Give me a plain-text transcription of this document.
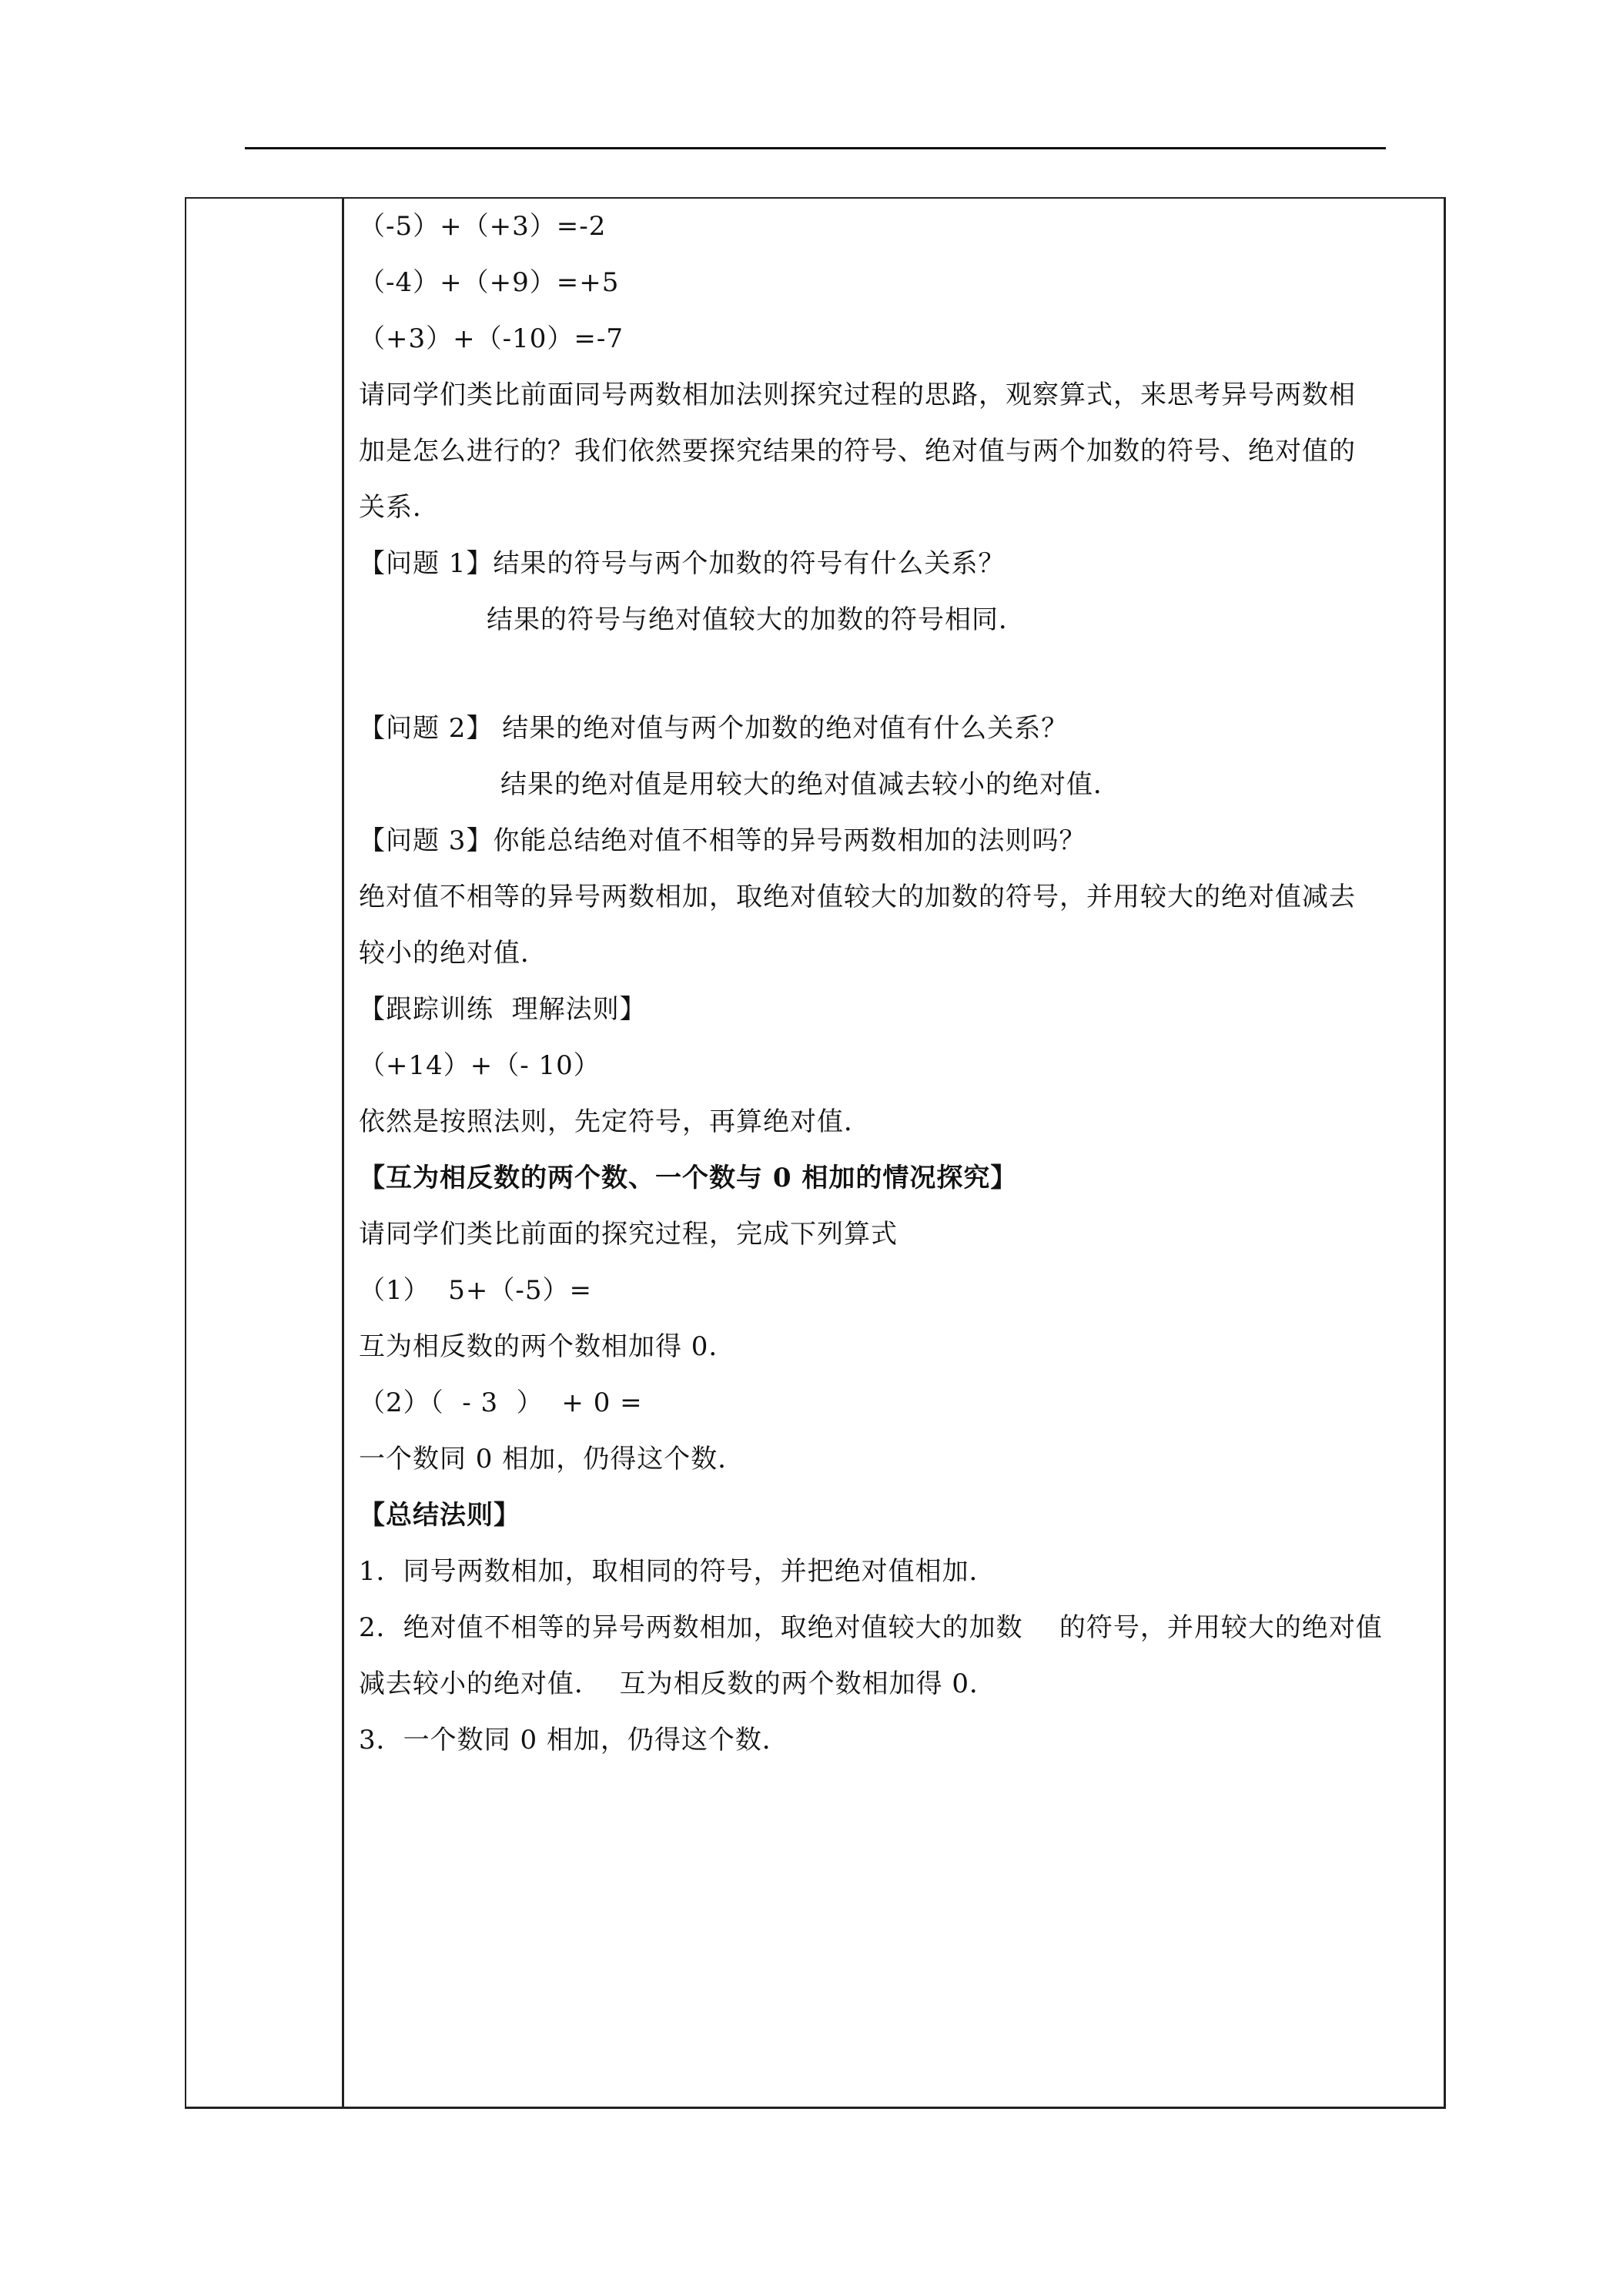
（-5）+（+3）=-2
（-4）+（+9）=+5
（+3）+（-10）=-7
请同学们类比前面同号两数相加法则探究过程的思路，观察算式，来思考异号两数相
加是怎么进行的？我们依然要探究结果的符号、绝对值与两个加数的符号、绝对值的
关系．
【问题 1】结果的符号与两个加数的符号有什么关系？
结果的符号与绝对值较大的加数的符号相同．
【问题 2】 结果的绝对值与两个加数的绝对值有什么关系？
结果的绝对值是用较大的绝对值减去较小的绝对值．
【问题 3】你能总结绝对值不相等的异号两数相加的法则吗？
绝对值不相等的异号两数相加，取绝对值较大的加数的符号，并用较大的绝对值减去
较小的绝对值．
【跟踪训练  理解法则】
（+14）+（- 10）
依然是按照法则，先定符号，再算绝对值．
【互为相反数的两个数、一个数与 0 相加的情况探究】
请同学们类比前面的探究过程，完成下列算式
（1）  5+（-5）=
互为相反数的两个数相加得 0．
（2）（  - 3  ）  + 0 =
一个数同 0 相加，仍得这个数．
【总结法则】
1．同号两数相加，取相同的符号，并把绝对值相加．
2．绝对值不相等的异号两数相加，取绝对值较大的加数    的符号，并用较大的绝对值
减去较小的绝对值．  互为相反数的两个数相加得 0．
3．一个数同 0 相加，仍得这个数．
